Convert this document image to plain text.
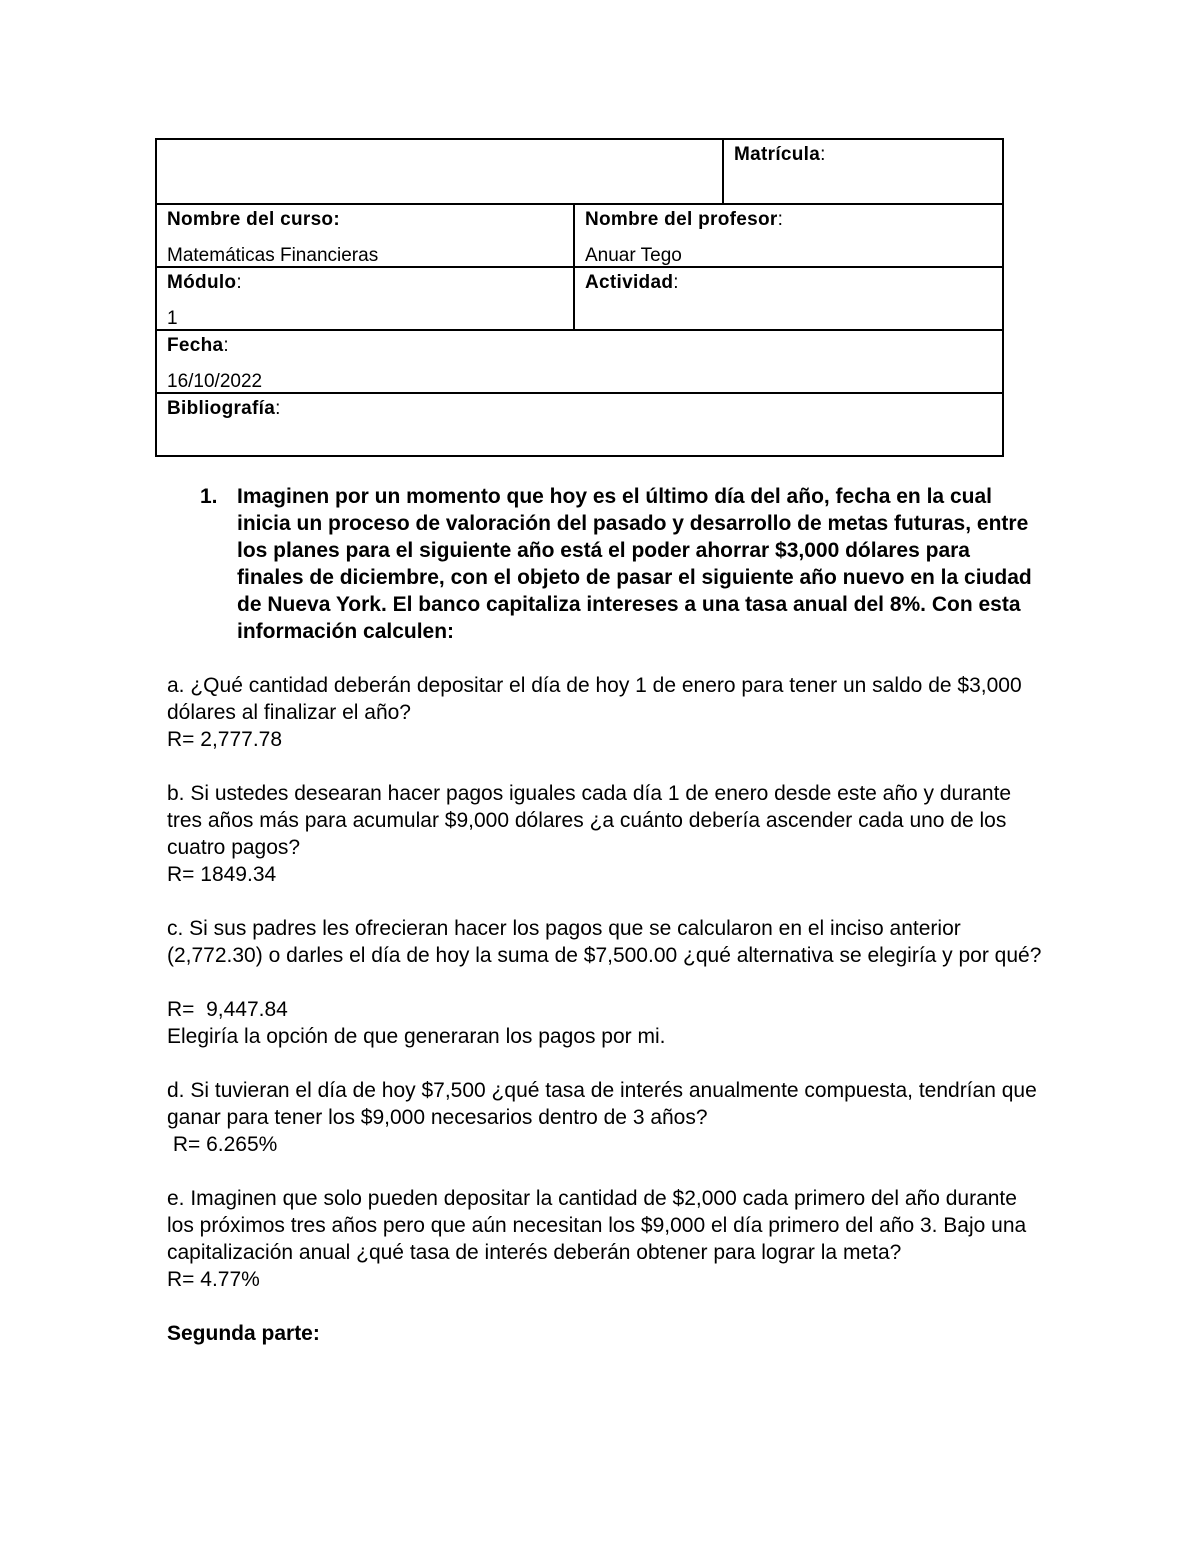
Matrícula:
Nombre del curso:
Matemáticas Financieras
Nombre del profesor:
Anuar Tego
Módulo:
1
Actividad:
Fecha:
16/10/2022
Bibliografía:
1. Imaginen por un momento que hoy es el último día del año, fecha en la cual inicia un proceso de valoración del pasado y desarrollo de metas futuras, entre los planes para el siguiente año está el poder ahorrar $3,000 dólares para finales de diciembre, con el objeto de pasar el siguiente año nuevo en la ciudad de Nueva York. El banco capitaliza intereses a una tasa anual del 8%. Con esta información calculen:

a. ¿Qué cantidad deberán depositar el día de hoy 1 de enero para tener un saldo de $3,000 dólares al finalizar el año?

R= 2,777.78

b. Si ustedes desearan hacer pagos iguales cada día 1 de enero desde este año y durante tres años más para acumular $9,000 dólares ¿a cuánto debería ascender cada uno de los cuatro pagos?

R= 1849.34

c. Si sus padres les ofrecieran hacer los pagos que se calcularon en el inciso anterior (2,772.30) o darles el día de hoy la suma de $7,500.00 ¿qué alternativa se elegiría y por qué?

R=  9,447.84

Elegiría la opción de que generaran los pagos por mi.

d. Si tuvieran el día de hoy $7,500 ¿qué tasa de interés anualmente compuesta, tendrían que ganar para tener los $9,000 necesarios dentro de 3 años?

R= 6.265%

e. Imaginen que solo pueden depositar la cantidad de $2,000 cada primero del año durante los próximos tres años pero que aún necesitan los $9,000 el día primero del año 3. Bajo una capitalización anual ¿qué tasa de interés deberán obtener para lograr la meta?

R= 4.77%

Segunda parte:
